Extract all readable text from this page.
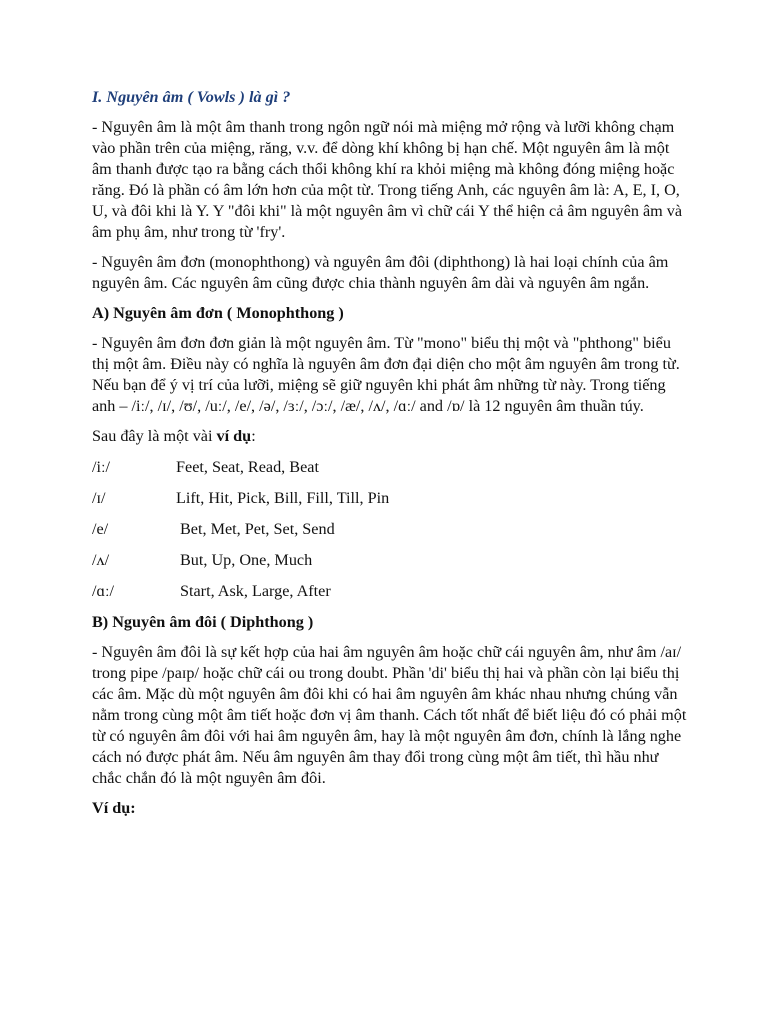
I. Nguyên âm ( Vowls ) là gì ?

- Nguyên âm là một âm thanh trong ngôn ngữ nói mà miệng mở rộng và lưỡi không chạm vào phần trên của miệng, răng, v.v. để dòng khí không bị hạn chế. Một nguyên âm là một âm thanh được tạo ra bằng cách thổi không khí ra khỏi miệng mà không đóng miệng hoặc răng. Đó là phần có âm lớn hơn của một từ. Trong tiếng Anh, các nguyên âm là: A, E, I, O, U, và đôi khi là Y. Y "đôi khi" là một nguyên âm vì chữ cái Y thể hiện cả âm nguyên âm và âm phụ âm, như trong từ 'fry'.

- Nguyên âm đơn (monophthong) và nguyên âm đôi (diphthong) là hai loại chính của âm nguyên âm. Các nguyên âm cũng được chia thành nguyên âm dài và nguyên âm ngắn.

A) Nguyên âm đơn ( Monophthong )

- Nguyên âm đơn đơn giản là một nguyên âm. Từ "mono" biểu thị một và "phthong" biểu thị một âm. Điều này có nghĩa là nguyên âm đơn đại diện cho một âm nguyên âm trong từ. Nếu bạn để ý vị trí của lưỡi, miệng sẽ giữ nguyên khi phát âm những từ này. Trong tiếng anh – /iː/, /ɪ/, /ʊ/, /uː/, /e/, /ə/, /ɜː/, /ɔː/, /æ/, /ʌ/, /ɑː/ and /ɒ/ là 12 nguyên âm thuần túy.

Sau đây là một vài ví dụ:

/iː/	Feet, Seat, Read, Beat
/ɪ/	Lift, Hit, Pick, Bill, Fill, Till, Pin
/e/	Bet, Met, Pet, Set, Send
/ʌ/	But, Up, One, Much
/ɑː/	Start, Ask, Large, After

B) Nguyên âm đôi ( Diphthong )

- Nguyên âm đôi là sự kết hợp của hai âm nguyên âm hoặc chữ cái nguyên âm, như âm /aɪ/ trong pipe /paɪp/ hoặc chữ cái ou trong doubt. Phần 'di' biểu thị hai và phần còn lại biểu thị các âm. Mặc dù một nguyên âm đôi khi có hai âm nguyên âm khác nhau nhưng chúng vẫn nằm trong cùng một âm tiết hoặc đơn vị âm thanh. Cách tốt nhất để biết liệu đó có phải một từ có nguyên âm đôi với hai âm nguyên âm, hay là một nguyên âm đơn, chính là lắng nghe cách nó được phát âm. Nếu âm nguyên âm thay đổi trong cùng một âm tiết, thì hầu như chắc chắn đó là một nguyên âm đôi.

Ví dụ:
